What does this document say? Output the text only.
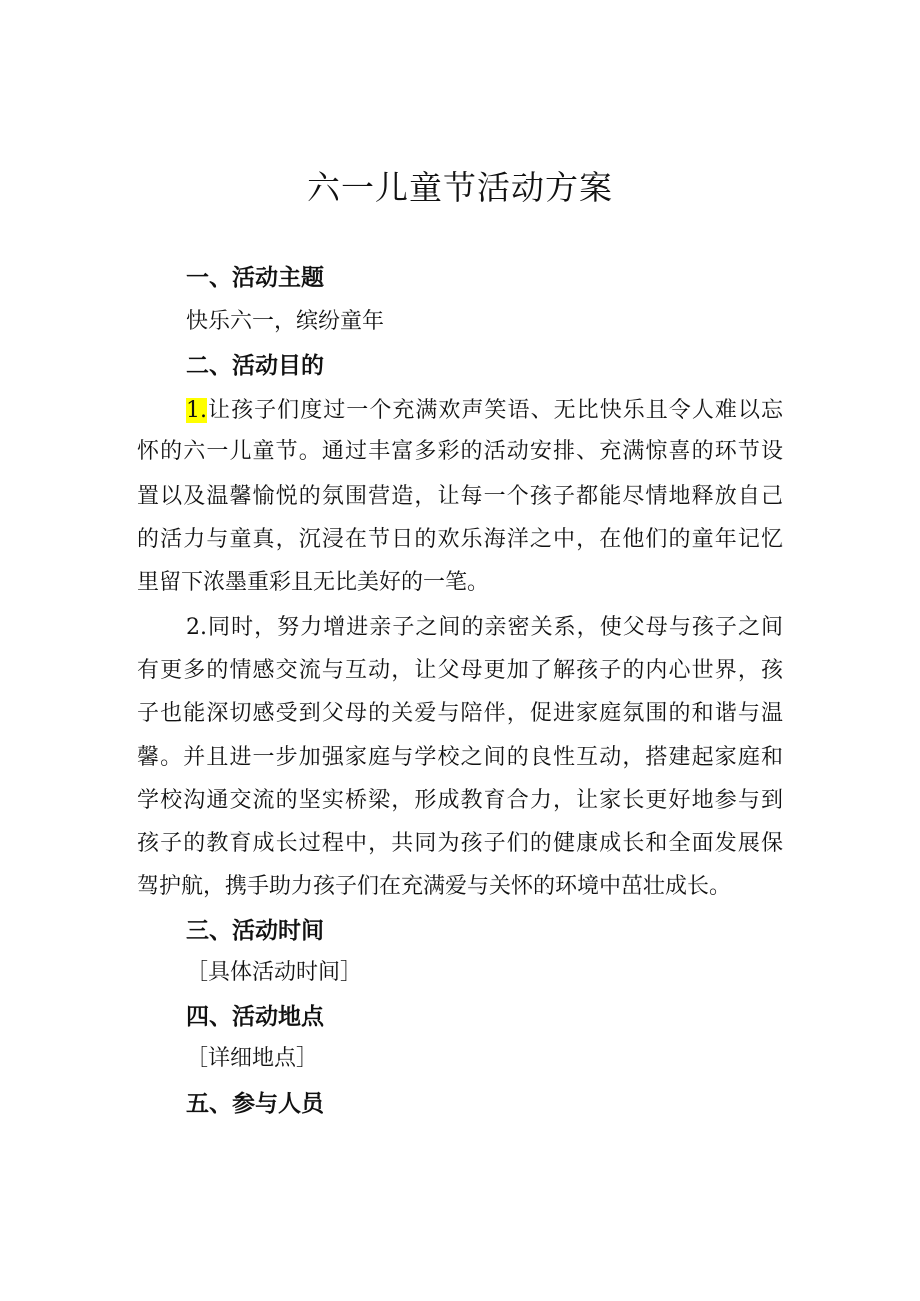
六一儿童节活动方案
一、活动主题
快乐六一，缤纷童年
二、活动目的
1.让孩子们度过一个充满欢声笑语、无比快乐且令人难以忘
怀的六一儿童节。通过丰富多彩的活动安排、充满惊喜的环节设
置以及温馨愉悦的氛围营造，让每一个孩子都能尽情地释放自己
的活力与童真，沉浸在节日的欢乐海洋之中，在他们的童年记忆
里留下浓墨重彩且无比美好的一笔。
2.同时，努力增进亲子之间的亲密关系，使父母与孩子之间
有更多的情感交流与互动，让父母更加了解孩子的内心世界，孩
子也能深切感受到父母的关爱与陪伴，促进家庭氛围的和谐与温
馨。并且进一步加强家庭与学校之间的良性互动，搭建起家庭和
学校沟通交流的坚实桥梁，形成教育合力，让家长更好地参与到
孩子的教育成长过程中，共同为孩子们的健康成长和全面发展保
驾护航，携手助力孩子们在充满爱与关怀的环境中茁壮成长。
三、活动时间
［具体活动时间］
四、活动地点
［详细地点］
五、参与人员
